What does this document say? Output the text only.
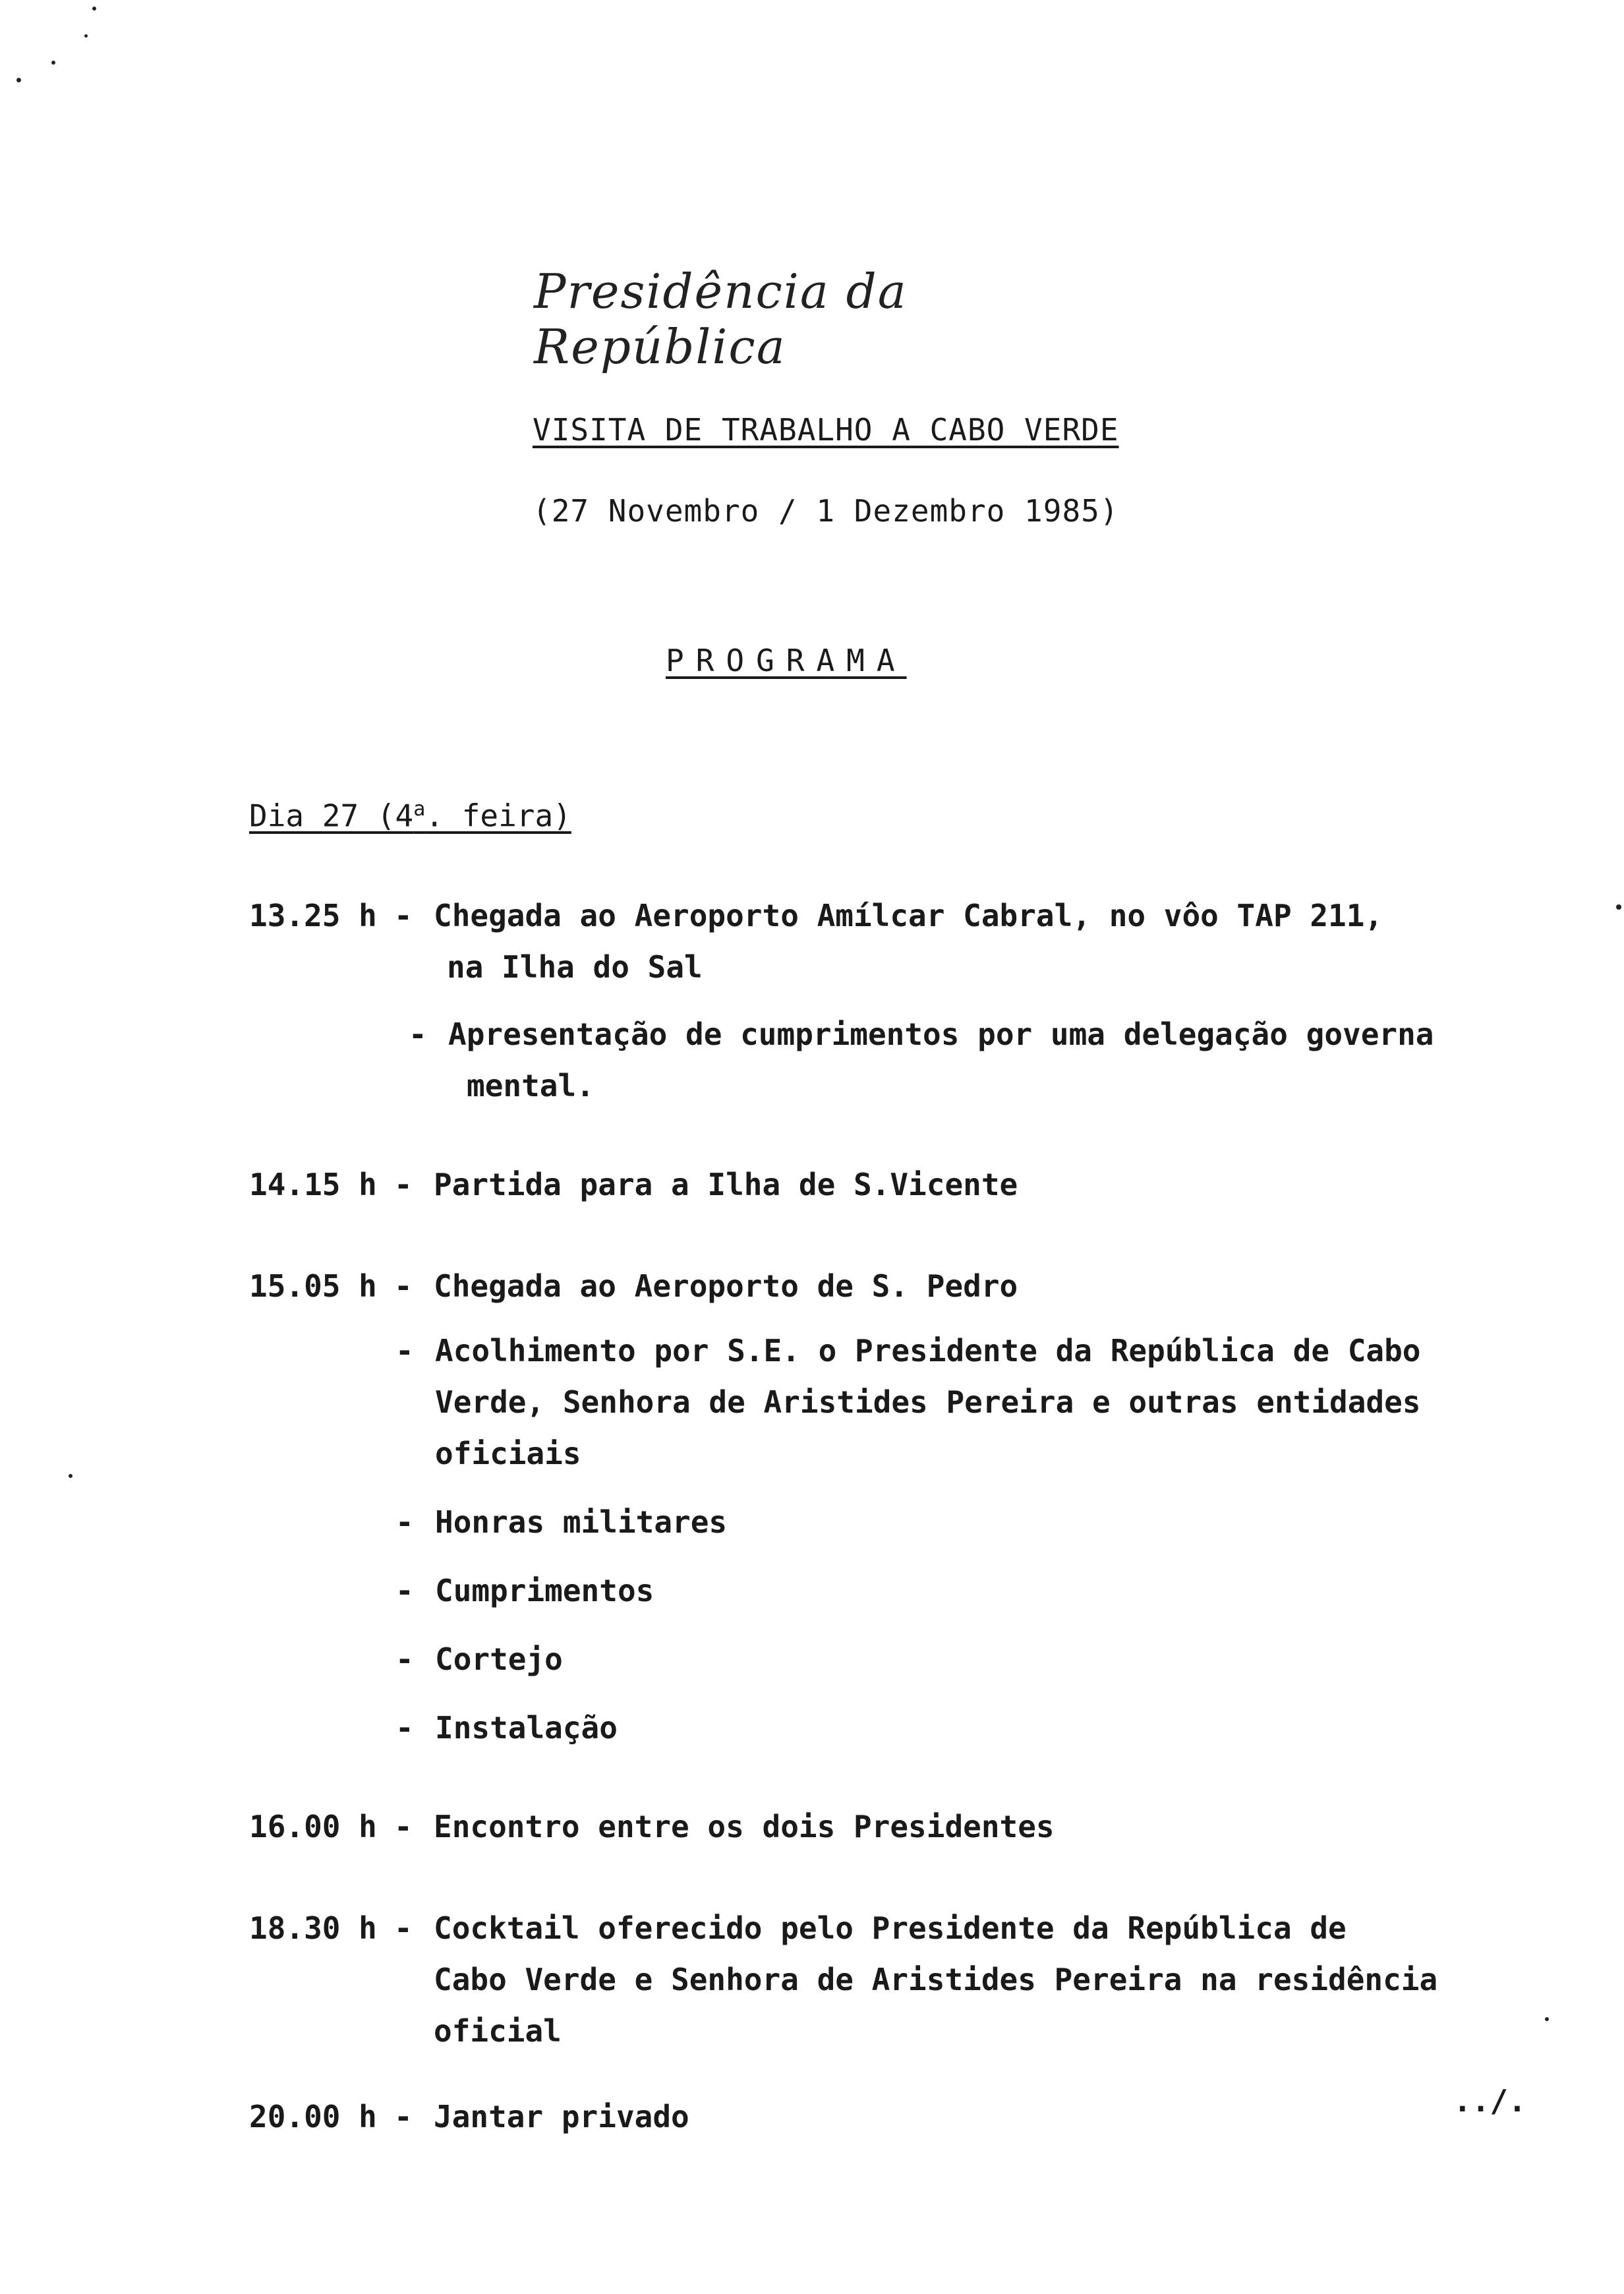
Presidência da República
VISITA DE TRABALHO A CABO VERDE
(27 Novembro / 1 Dezembro 1985)
PROGRAMA
Dia 27 (4$^a$. feira)
13.25 h - Chegada ao Aeroporto Amílcar Cabral, no vôo TAP 211,
na Ilha do Sal
- Apresentação de cumprimentos por uma delegação governa
mental.
14.15 h - Partida para a Ilha de S.Vicente
15.05 h - Chegada ao Aeroporto de S. Pedro
- Acolhimento por S.E. o Presidente da República de Cabo
Verde, Senhora de Aristides Pereira e outras entidades
oficiais
- Honras militares
- Cumprimentos
- Cortejo
- Instalação
16.00 h - Encontro entre os dois Presidentes
18.30 h - Cocktail oferecido pelo Presidente da República de
Cabo Verde e Senhora de Aristides Pereira na residência
oficial
20.00 h - Jantar privado	../.
